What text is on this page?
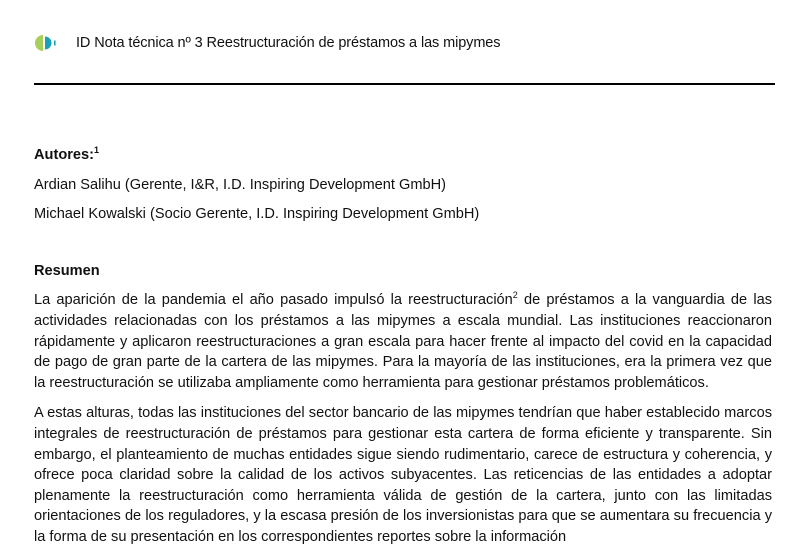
ID Nota técnica nº 3 Reestructuración de préstamos a las mipymes

Autores:$^1$

Ardian Salihu (Gerente, I&R, I.D. Inspiring Development GmbH)

Michael Kowalski (Socio Gerente, I.D. Inspiring Development GmbH)

Resumen

La aparición de la pandemia el año pasado impulsó la reestructuración$^2$ de préstamos a la vanguardia de las actividades relacionadas con los préstamos a las mipymes a escala mundial. Las instituciones reaccionaron rápidamente y aplicaron reestructuraciones a gran escala para hacer frente al impacto del covid en la capacidad de pago de gran parte de la cartera de las mipymes. Para la mayoría de las instituciones, era la primera vez que la reestructuración se utilizaba ampliamente como herramienta para gestionar préstamos problemáticos.

A estas alturas, todas las instituciones del sector bancario de las mipymes tendrían que haber establecido marcos integrales de reestructuración de préstamos para gestionar esta cartera de forma eficiente y transparente. Sin embargo, el planteamiento de muchas entidades sigue siendo rudimentario, carece de estructura y coherencia, y ofrece poca claridad sobre la calidad de los activos subyacentes. Las reticencias de las entidades a adoptar plenamente la reestructuración como herramienta válida de gestión de la cartera, junto con las limitadas orientaciones de los reguladores, y la escasa presión de los inversionistas para que se aumentara su frecuencia y la forma de su presentación en los correspondientes reportes sobre la información
